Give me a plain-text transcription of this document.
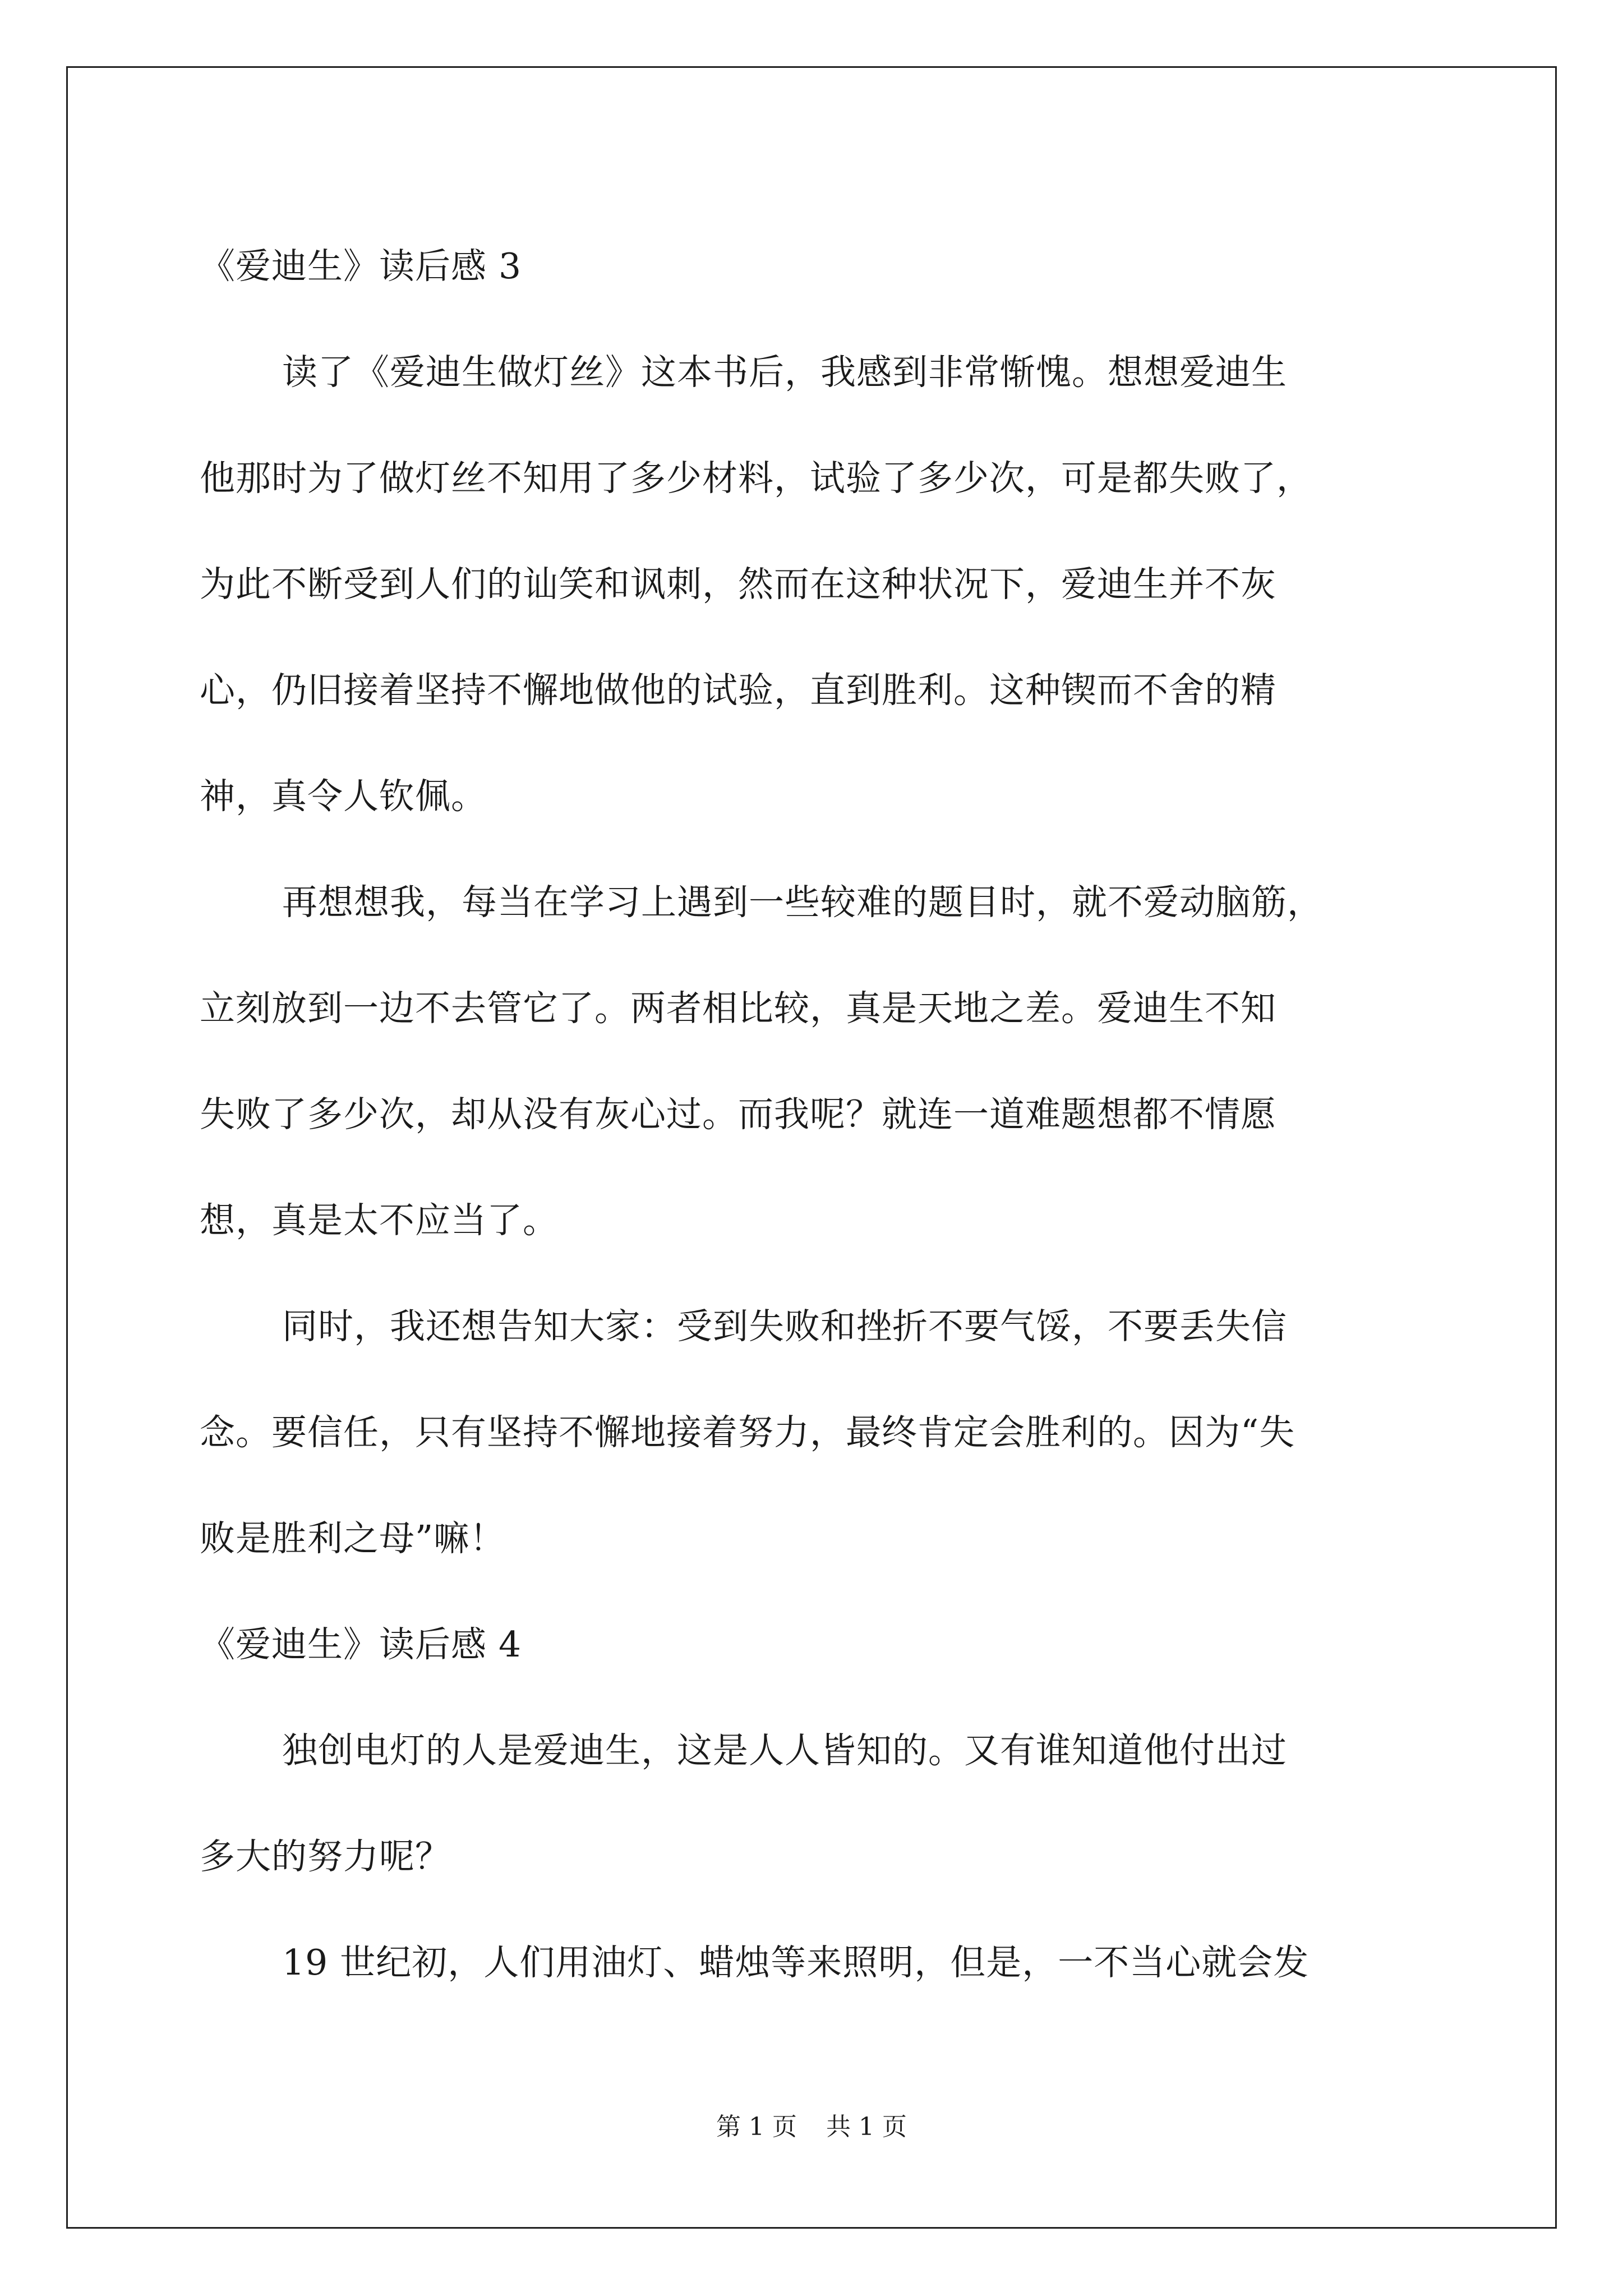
《爱迪生》读后感 3
读了《爱迪生做灯丝》这本书后，我感到非常惭愧。想想爱迪生
他那时为了做灯丝不知用了多少材料，试验了多少次，可是都失败了，
为此不断受到人们的讪笑和讽刺，然而在这种状况下，爱迪生并不灰
心，仍旧接着坚持不懈地做他的试验，直到胜利。这种锲而不舍的精
神，真令人钦佩。
再想想我，每当在学习上遇到一些较难的题目时，就不爱动脑筋，
立刻放到一边不去管它了。两者相比较，真是天地之差。爱迪生不知
失败了多少次，却从没有灰心过。而我呢？就连一道难题想都不情愿
想，真是太不应当了。
同时，我还想告知大家：受到失败和挫折不要气馁，不要丢失信
念。要信任，只有坚持不懈地接着努力，最终肯定会胜利的。因为“失
败是胜利之母”嘛！
《爱迪生》读后感 4
独创电灯的人是爱迪生，这是人人皆知的。又有谁知道他付出过
多大的努力呢？
19 世纪初，人们用油灯、蜡烛等来照明，但是，一不当心就会发
第 1 页 共 1 页
